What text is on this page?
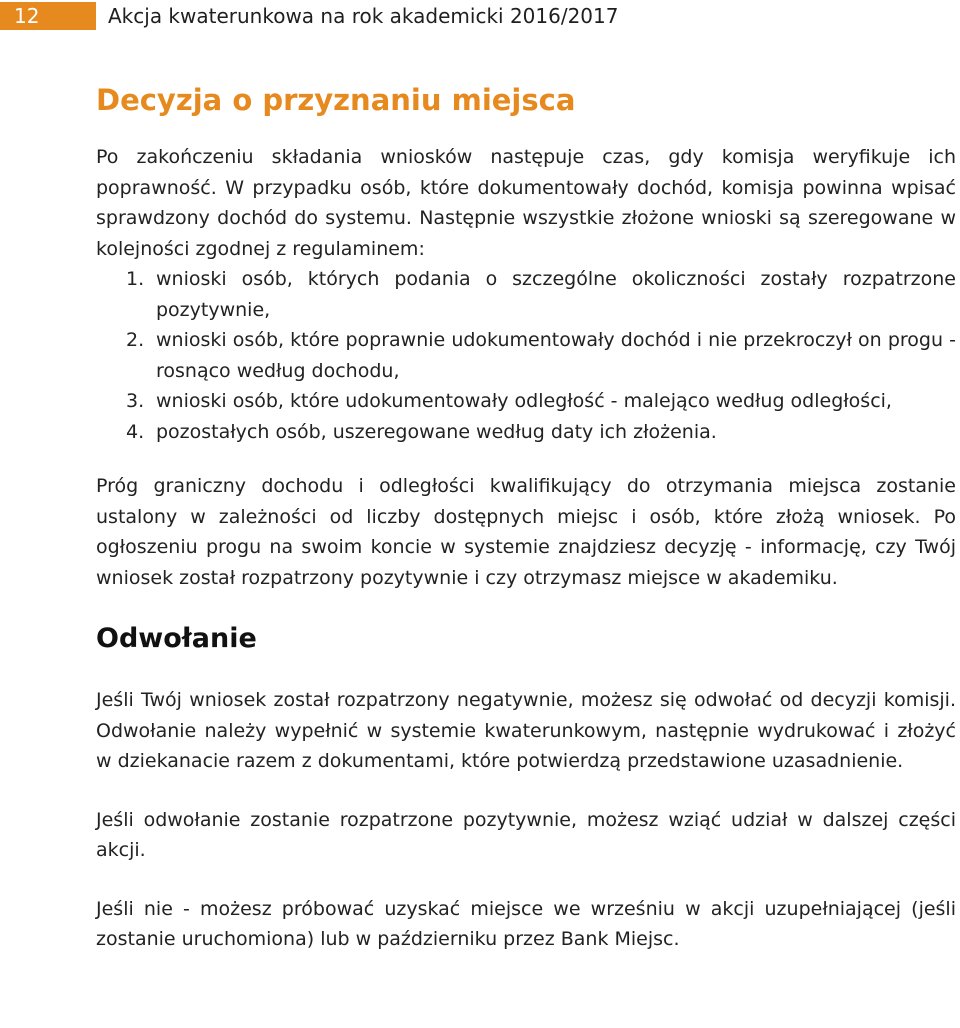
12	Akcja kwaterunkowa na rok akademicki 2016/2017
Decyzja o przyznaniu miejsca

Po zakończeniu składania wniosków następuje czas, gdy komisja weryfikuje ich poprawność. W przypadku osób, które dokumentowały dochód, komisja powinna wpisać sprawdzony dochód do systemu. Następnie wszystkie złożone wnioski są szeregowane w kolejności zgodnej z regulaminem:

1. wnioski osób, których podania o szczególne okoliczności zostały rozpatrzone pozytywnie,
2. wnioski osób, które poprawnie udokumentowały dochód i nie przekroczył on progu - rosnąco według dochodu,
3. wnioski osób, które udokumentowały odległość - malejąco według odległości,
4. pozostałych osób, uszeregowane według daty ich złożenia.

Próg graniczny dochodu i odległości kwalifikujący do otrzymania miejsca zostanie ustalony w zależności od liczby dostępnych miejsc i osób, które złożą wniosek. Po ogłoszeniu progu na swoim koncie w systemie znajdziesz decyzję - informację, czy Twój wniosek został rozpatrzony pozytywnie i czy otrzymasz miejsce w akademiku.

Odwołanie

Jeśli Twój wniosek został rozpatrzony negatywnie, możesz się odwołać od decyzji komisji. Odwołanie należy wypełnić w systemie kwaterunkowym, następnie wydrukować i złożyć w dziekanacie razem z dokumentami, które potwierdzą przedstawione uzasadnienie.

Jeśli odwołanie zostanie rozpatrzone pozytywnie, możesz wziąć udział w dalszej części akcji.

Jeśli nie - możesz próbować uzyskać miejsce we wrześniu w akcji uzupełniającej (jeśli zostanie uruchomiona) lub w październiku przez Bank Miejsc.
